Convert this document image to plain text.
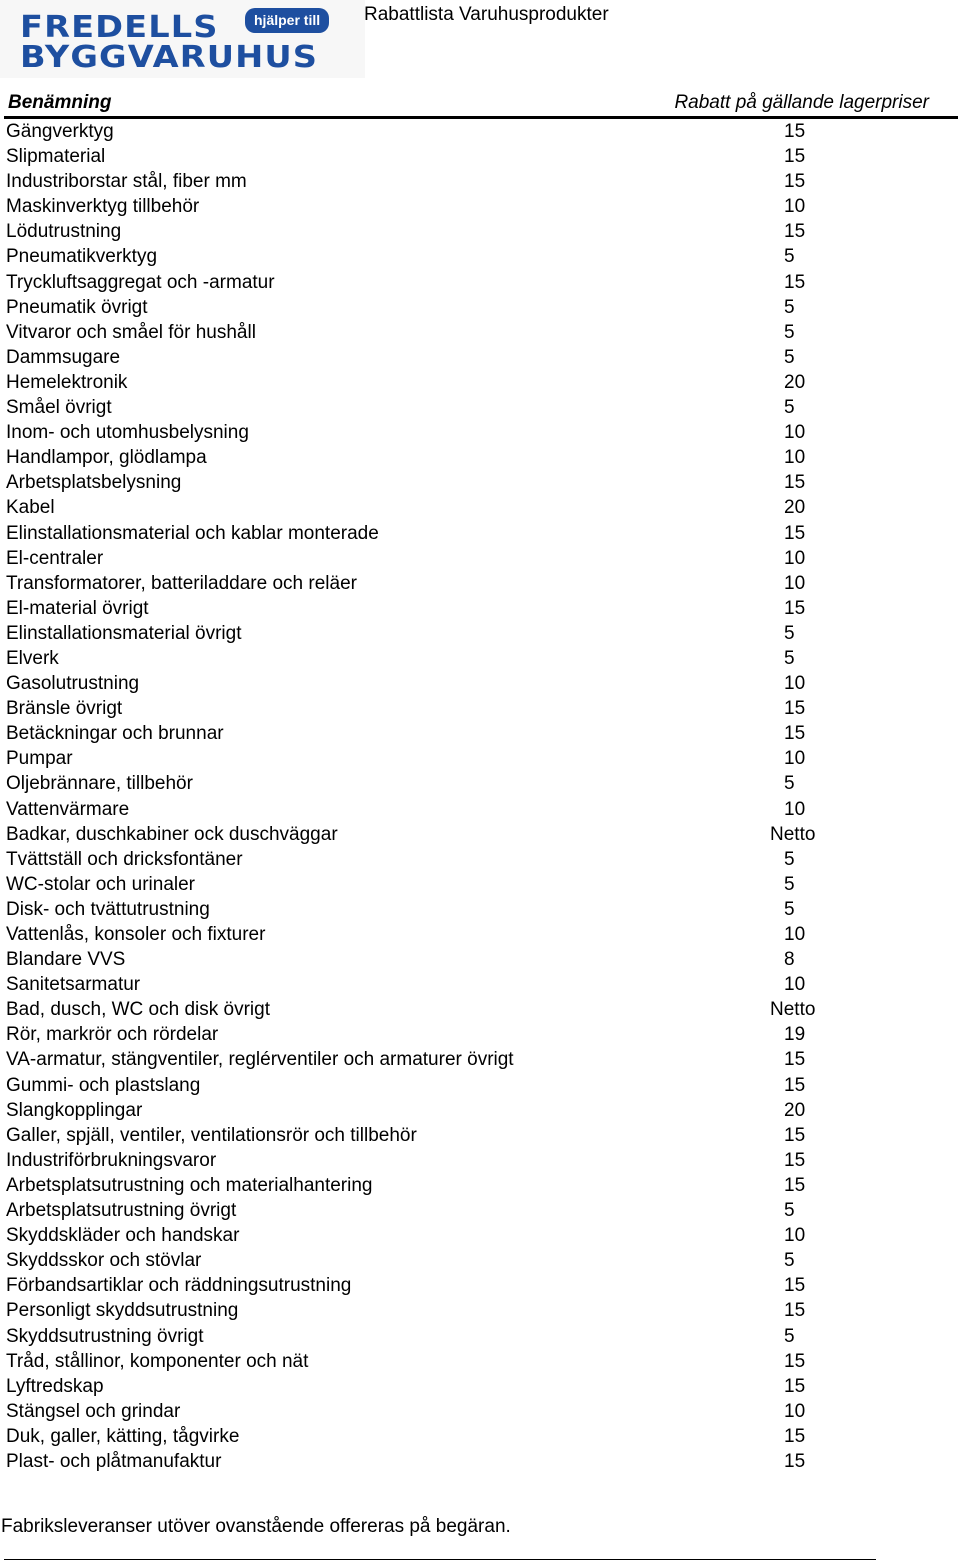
FREDELLS
BYGGVARUHUS
hjälper till	Rabattlista Varuhusprodukter
Benämning	Rabatt på gällande lagerpriser
Gängverktyg	15
Slipmaterial	15
Industriborstar stål, fiber mm	15
Maskinverktyg tillbehör	10
Lödutrustning	15
Pneumatikverktyg	5
Tryckluftsaggregat och -armatur	15
Pneumatik övrigt	5
Vitvaror och småel för hushåll	5
Dammsugare	5
Hemelektronik	20
Småel övrigt	5
Inom- och utomhusbelysning	10
Handlampor, glödlampa	10
Arbetsplatsbelysning	15
Kabel	20
Elinstallationsmaterial och kablar monterade	15
El-centraler	10
Transformatorer, batteriladdare och reläer	10
El-material övrigt	15
Elinstallationsmaterial övrigt	5
Elverk	5
Gasolutrustning	10
Bränsle övrigt	15
Betäckningar och brunnar	15
Pumpar	10
Oljebrännare, tillbehör	5
Vattenvärmare	10
Badkar, duschkabiner ock duschväggar	Netto
Tvättställ och dricksfontäner	5
WC-stolar och urinaler	5
Disk- och tvättutrustning	5
Vattenlås, konsoler och fixturer	10
Blandare VVS	8
Sanitetsarmatur	10
Bad, dusch, WC och disk övrigt	Netto
Rör, markrör och rördelar	19
VA-armatur, stängventiler, reglérventiler och armaturer övrigt	15
Gummi- och plastslang	15
Slangkopplingar	20
Galler, spjäll, ventiler, ventilationsrör och tillbehör	15
Industriförbrukningsvaror	15
Arbetsplatsutrustning och materialhantering	15
Arbetsplatsutrustning övrigt	5
Skyddskläder och handskar	10
Skyddsskor och stövlar	5
Förbandsartiklar och räddningsutrustning	15
Personligt skyddsutrustning	15
Skyddsutrustning övrigt	5
Tråd, stållinor, komponenter och nät	15
Lyftredskap	15
Stängsel och grindar	10
Duk, galler, kätting, tågvirke	15
Plast- och plåtmanufaktur	15
Fabriksleveranser utöver ovanstående offereras på begäran.
